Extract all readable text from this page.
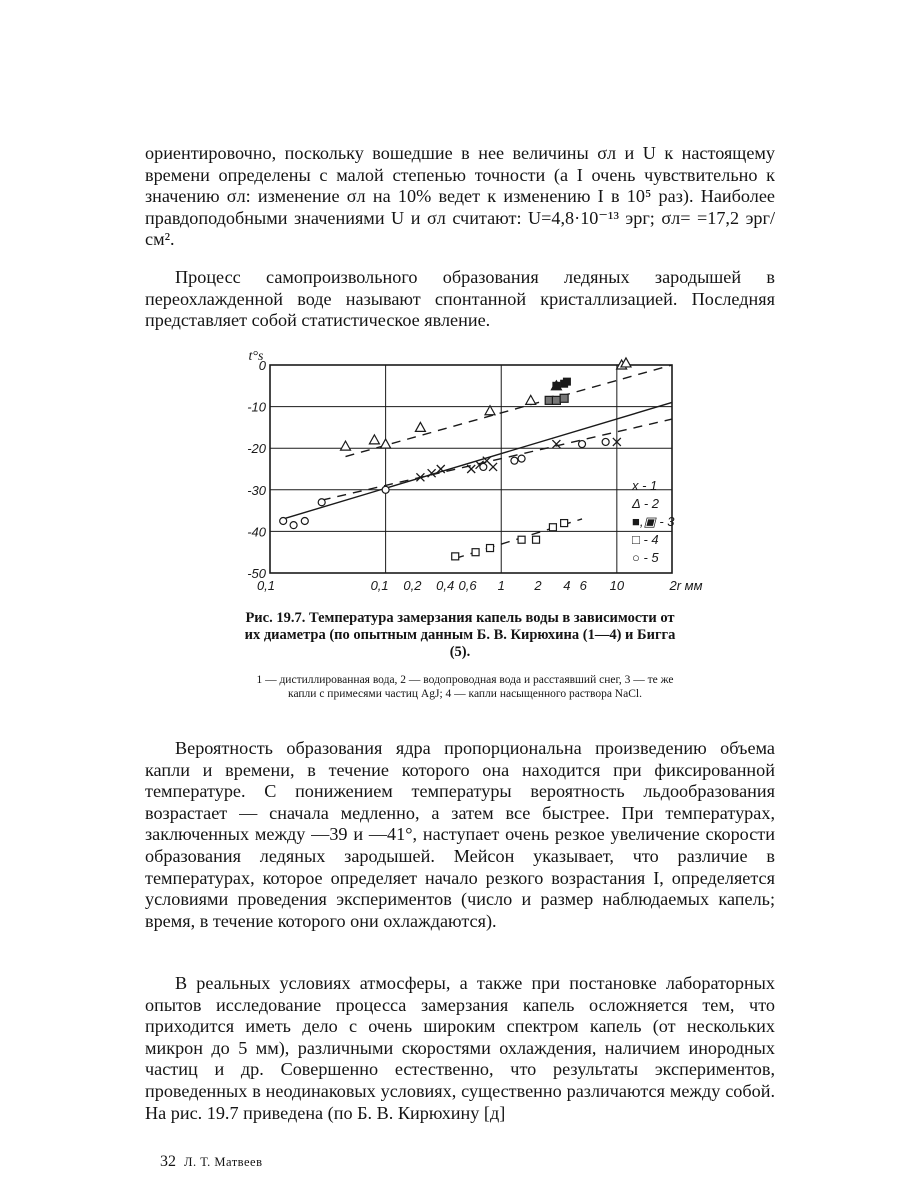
ориентировочно, поскольку вошедшие в нее величины σл и U к настоящему времени определены с малой степенью точности (а I очень чувствительно к значению σл: изменение σл на 10% ведет к изменению I в 10⁵ раз). Наиболее правдоподобными значениями U и σл считают: U=4,8·10⁻¹³ эрг; σл= =17,2 эрг/см².

Процесс самопроизвольного образования ледяных зародышей в переохлажденной воде называют спонтанной кристаллизацией. Последняя представляет собой статистическое явление.

0
-10
-20
-30
-40
-50
0,1	0,1 0,2 0,4 0,6 1 2 4 6 10	2r мм
t°s
x - 1
Δ - 2
■,▣ - 3
□ - 4
○ - 5

Рис. 19.7. Температура замерзания капель воды в зависимости от их диаметра (по опытным данным Б. В. Кирюхина (1—4) и Бигга (5).

1 — дистиллированная вода, 2 — водопроводная вода и расстаявший снег, 3 — те же капли с примесями частиц AgJ; 4 — капли насыщенного раствора NaCl.

Вероятность образования ядра пропорциональна произведению объема капли и времени, в течение которого она находится при фиксированной температуре. С понижением температуры вероятность льдообразования возрастает — сначала медленно, а затем все быстрее. При температурах, заключенных между —39 и —41°, наступает очень резкое увеличение скорости образования ледяных зародышей. Мейсон указывает, что различие в температурах, которое определяет начало резкого возрастания I, определяется условиями проведения экспериментов (число и размер наблюдаемых капель; время, в течение которого они охлаждаются).

В реальных условиях атмосферы, а также при постановке лабораторных опытов исследование процесса замерзания капель осложняется тем, что приходится иметь дело с очень широким спектром капель (от нескольких микрон до 5 мм), различными скоростями охлаждения, наличием инородных частиц и др. Совершенно естественно, что результаты экспериментов, проведенных в неодинаковых условиях, существенно различаются между собой. На рис. 19.7 приведена (по Б. В. Кирюхину [д]

32 Л. Т. Матвеев
